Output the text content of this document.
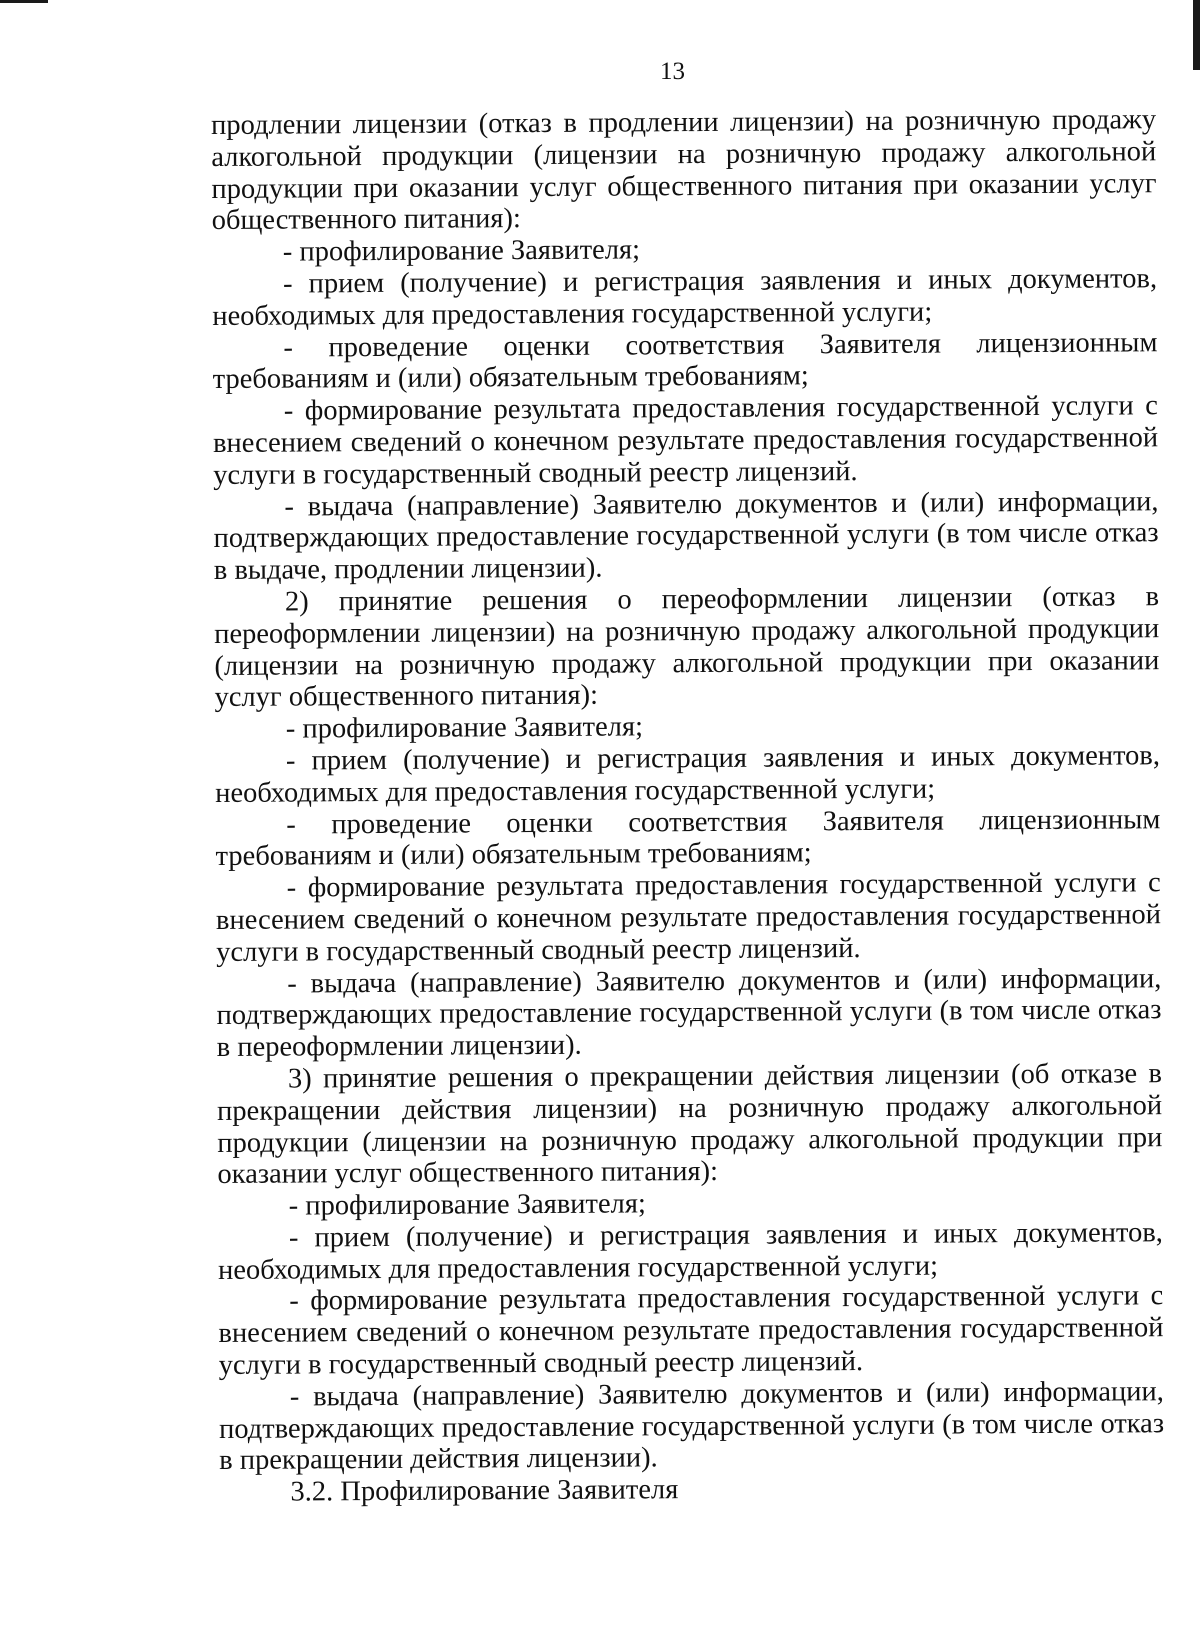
13

продлении лицензии (отказ в продлении лицензии) на розничную продажу алкогольной продукции (лицензии на розничную продажу алкогольной продукции при оказании услуг общественного питания при оказании услуг общественного питания):

- профилирование Заявителя;

- прием (получение) и регистрация заявления и иных документов, необходимых для предоставления государственной услуги;

- проведение оценки соответствия Заявителя лицензионным требованиям и (или) обязательным требованиям;

- формирование результата предоставления государственной услуги с внесением сведений о конечном результате предоставления государственной услуги в государственный сводный реестр лицензий.

- выдача (направление) Заявителю документов и (или) информации, подтверждающих предоставление государственной услуги (в том числе отказ в выдаче, продлении лицензии).

2) принятие решения о переоформлении лицензии (отказ в переоформлении лицензии) на розничную продажу алкогольной продукции (лицензии на розничную продажу алкогольной продукции при оказании услуг общественного питания):

- профилирование Заявителя;

- прием (получение) и регистрация заявления и иных документов, необходимых для предоставления государственной услуги;

- проведение оценки соответствия Заявителя лицензионным требованиям и (или) обязательным требованиям;

- формирование результата предоставления государственной услуги с внесением сведений о конечном результате предоставления государственной услуги в государственный сводный реестр лицензий.

- выдача (направление) Заявителю документов и (или) информации, подтверждающих предоставление государственной услуги (в том числе отказ в переоформлении лицензии).

3) принятие решения о прекращении действия лицензии (об отказе в прекращении действия лицензии) на розничную продажу алкогольной продукции (лицензии на розничную продажу алкогольной продукции при оказании услуг общественного питания):

- профилирование Заявителя;

- прием (получение) и регистрация заявления и иных документов, необходимых для предоставления государственной услуги;

- формирование результата предоставления государственной услуги с внесением сведений о конечном результате предоставления государственной услуги в государственный сводный реестр лицензий.

- выдача (направление) Заявителю документов и (или) информации, подтверждающих предоставление государственной услуги (в том числе отказ в прекращении действия лицензии).

3.2. Профилирование Заявителя
